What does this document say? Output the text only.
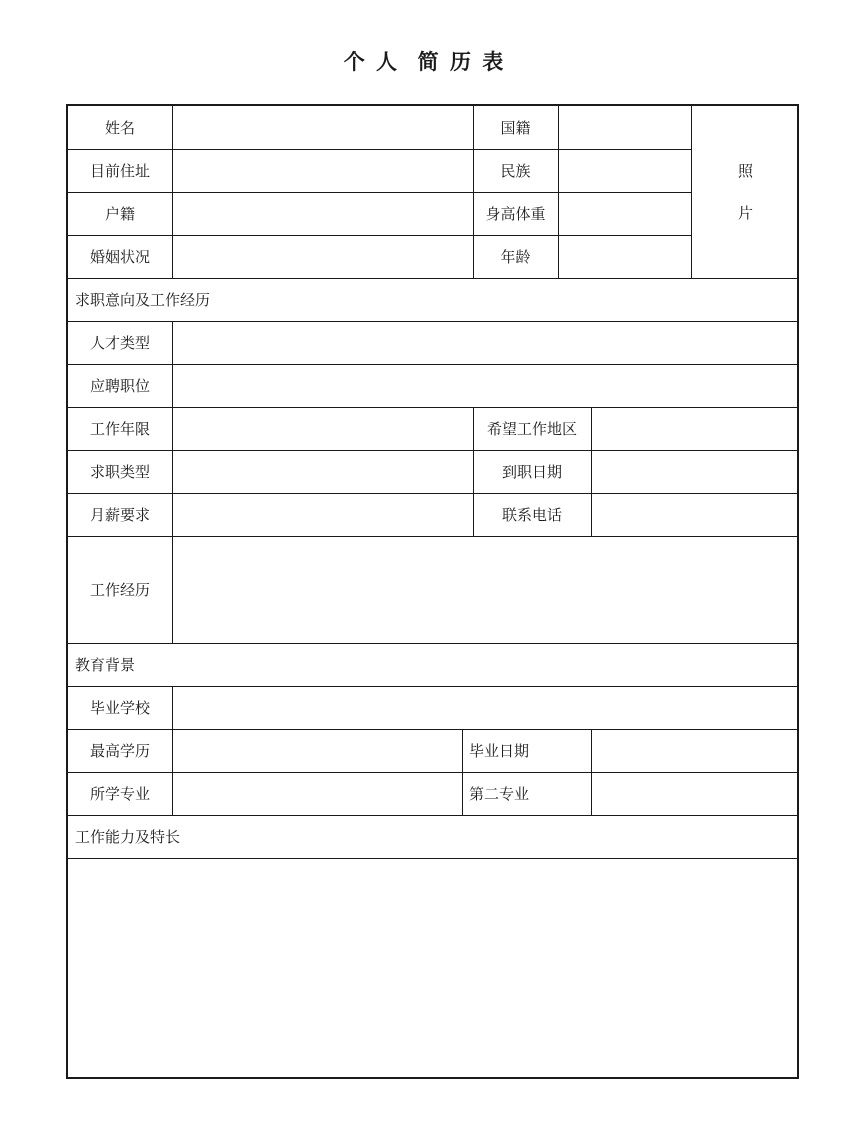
个 人  简 历 表
姓名	国籍
照
片
目前住址	民族
户籍	身高体重
婚姻状况	年龄
求职意向及工作经历
人才类型
应聘职位
工作年限	希望工作地区
求职类型	到职日期
月薪要求	联系电话
工作经历
教育背景
毕业学校
最高学历	毕业日期
所学专业	第二专业
工作能力及特长
